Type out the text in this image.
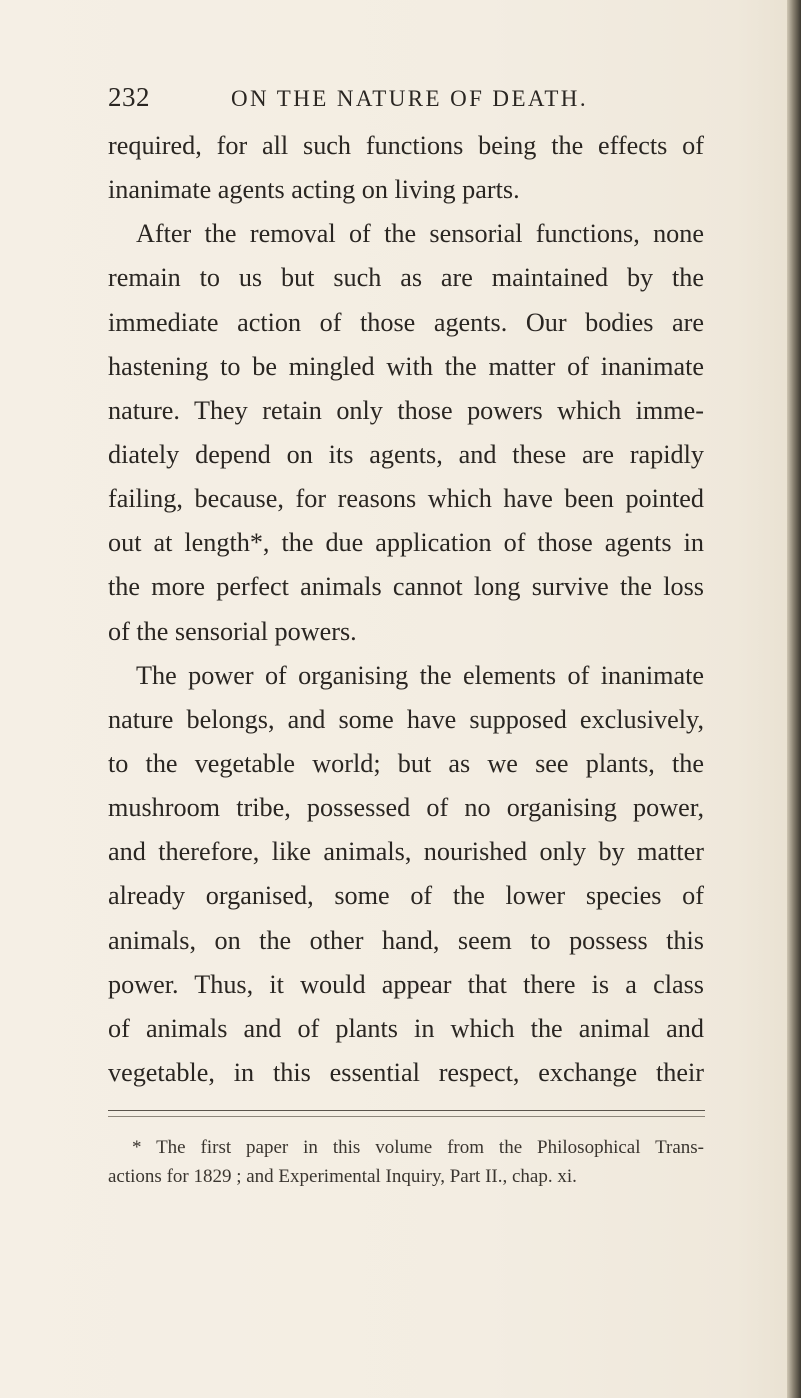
232	ON THE NATURE OF DEATH.
required, for all such functions being the effects of
inanimate agents acting on living parts.
After the removal of the sensorial functions, none
remain to us but such as are maintained by the
immediate action of those agents. Our bodies are
hastening to be mingled with the matter of inanimate
nature. They retain only those powers which imme-
diately depend on its agents, and these are rapidly
failing, because, for reasons which have been pointed
out at length*, the due application of those agents in
the more perfect animals cannot long survive the loss
of the sensorial powers.
The power of organising the elements of inanimate
nature belongs, and some have supposed exclusively,
to the vegetable world; but as we see plants, the
mushroom tribe, possessed of no organising power,
and therefore, like animals, nourished only by matter
already organised, some of the lower species of
animals, on the other hand, seem to possess this
power. Thus, it would appear that there is a class
of animals and of plants in which the animal and
vegetable, in this essential respect, exchange their
* The first paper in this volume from the Philosophical Trans-
actions for 1829 ; and Experimental Inquiry, Part II., chap. xi.
